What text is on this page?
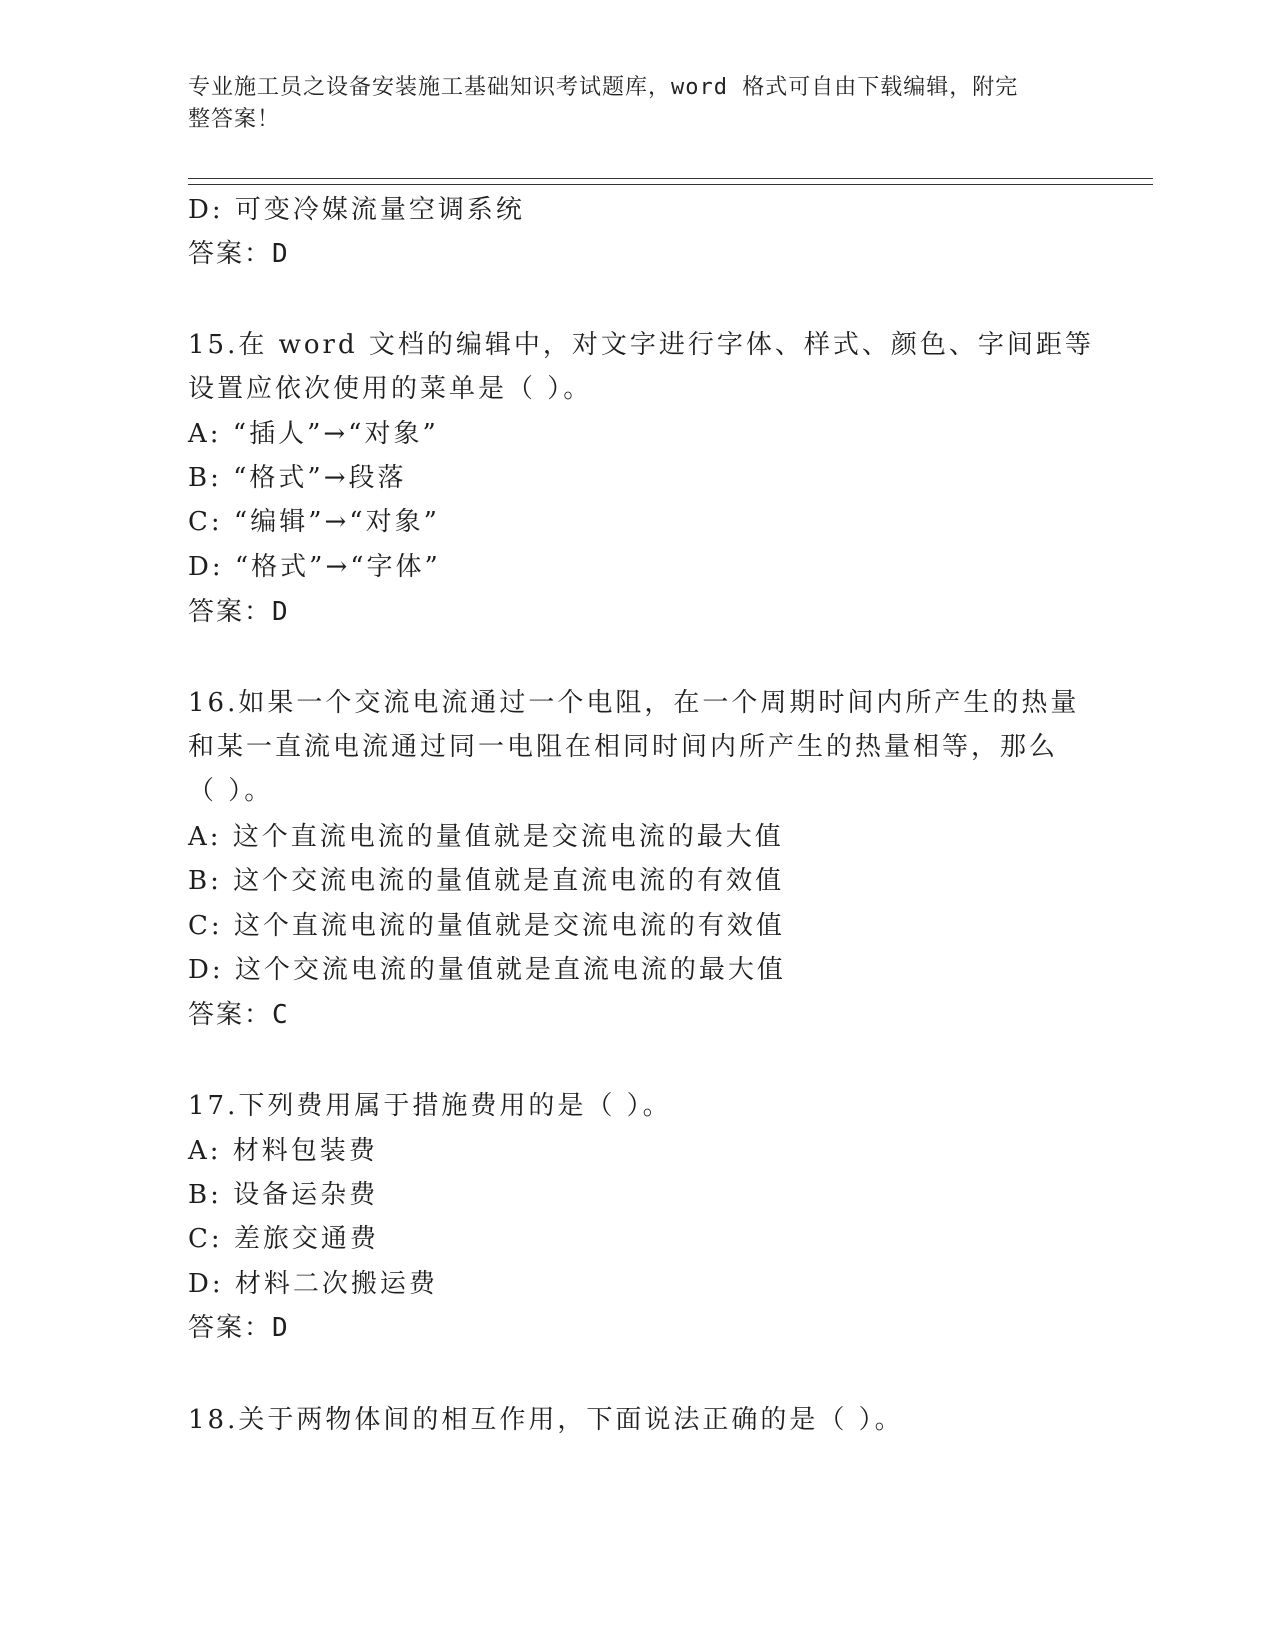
专业施工员之设备安装施工基础知识考试题库，word 格式可自由下载编辑，附完
整答案！
D: 可变冷媒流量空调系统
答案：D
15.在 word 文档的编辑中，对文字进行字体、样式、颜色、字间距等
设置应依次使用的菜单是（ ）。
A: “插人”→“对象”
B: “格式”→段落
C: “编辑”→“对象”
D: “格式”→“字体”
答案：D
16.如果一个交流电流通过一个电阻，在一个周期时间内所产生的热量
和某一直流电流通过同一电阻在相同时间内所产生的热量相等，那么
（ ）。
A: 这个直流电流的量值就是交流电流的最大值
B: 这个交流电流的量值就是直流电流的有效值
C: 这个直流电流的量值就是交流电流的有效值
D: 这个交流电流的量值就是直流电流的最大值
答案：C
17.下列费用属于措施费用的是（ ）。
A: 材料包装费
B: 设备运杂费
C: 差旅交通费
D: 材料二次搬运费
答案：D
18.关于两物体间的相互作用，下面说法正确的是（ ）。
